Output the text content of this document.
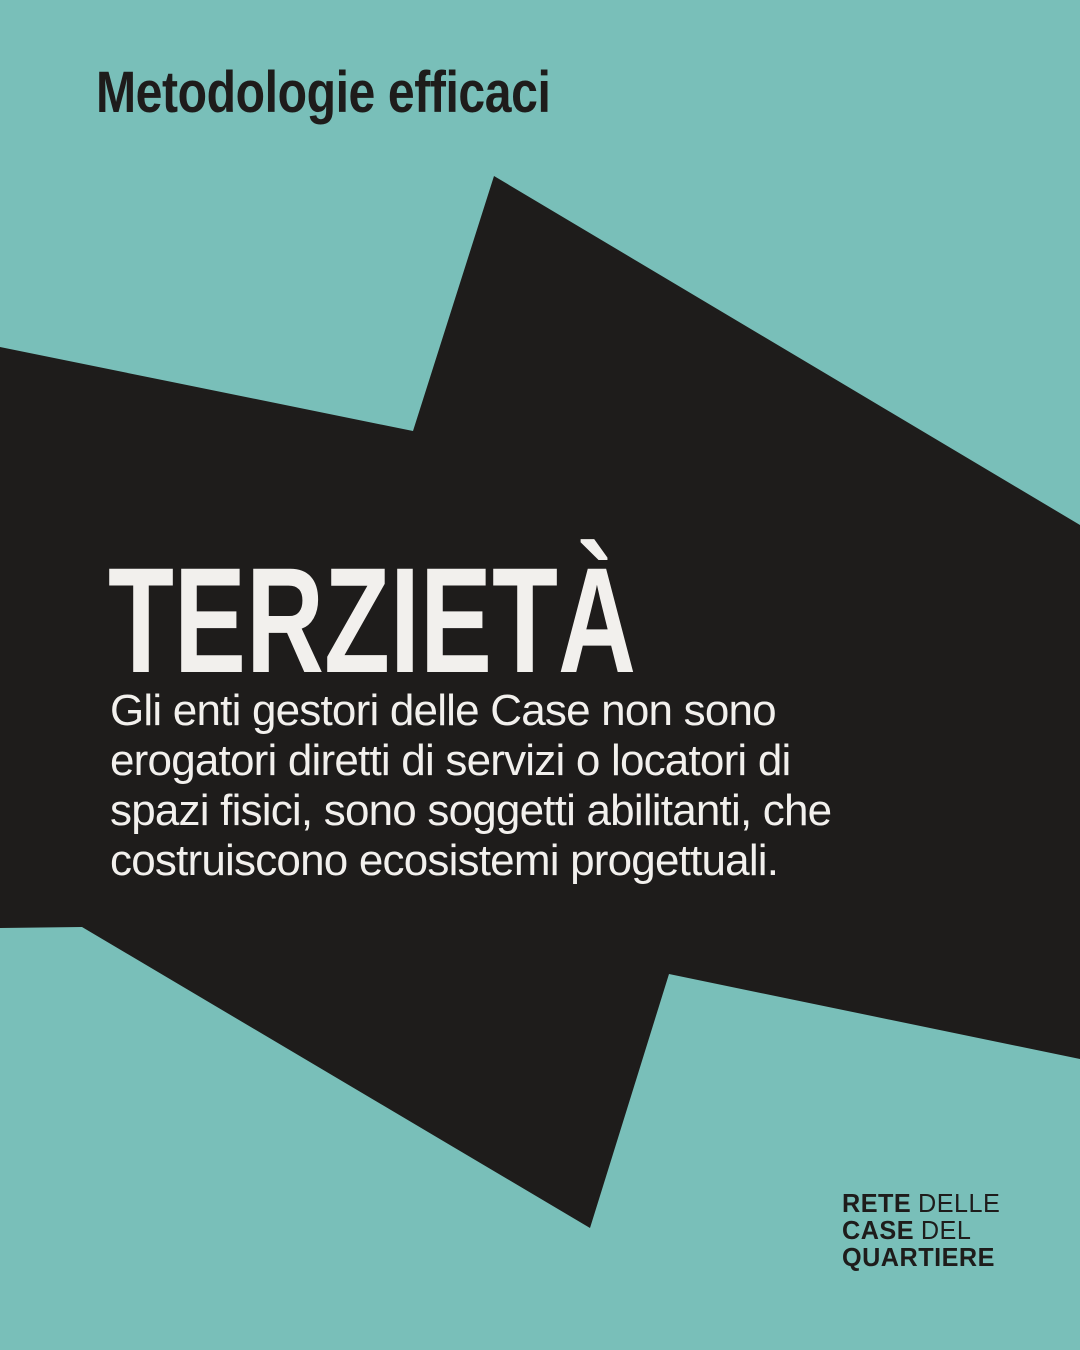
Metodologie efficaci
TERZIETÀ
Gli enti gestori delle Case non sono
erogatori diretti di servizi o locatori di
spazi fisici, sono soggetti abilitanti, che
costruiscono ecosistemi progettuali.
RETE DELLE
CASE DEL
QUARTIERE
